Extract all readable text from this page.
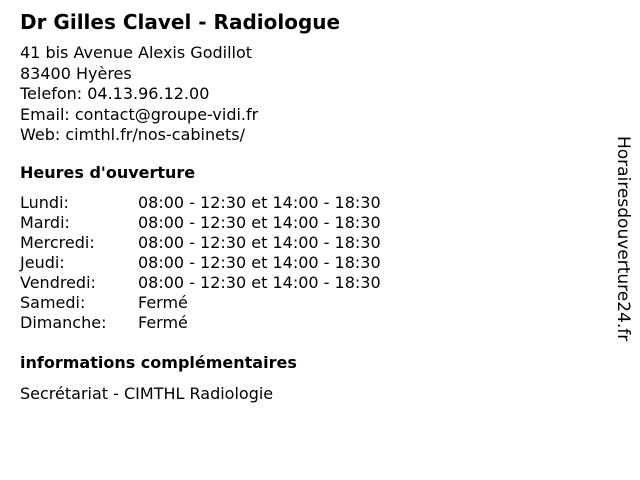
Dr Gilles Clavel - Radiologue
41 bis Avenue Alexis Godillot
83400 Hyères
Telefon: 04.13.96.12.00
Email: contact@groupe-vidi.fr
Web: cimthl.fr/nos-cabinets/
Heures d'ouverture
Lundi:	08:00 - 12:30 et 14:00 - 18:30
Mardi:	08:00 - 12:30 et 14:00 - 18:30
Mercredi:	08:00 - 12:30 et 14:00 - 18:30
Jeudi:	08:00 - 12:30 et 14:00 - 18:30
Vendredi:	08:00 - 12:30 et 14:00 - 18:30
Samedi:	Fermé
Dimanche: Fermé
informations complémentaires
Secrétariat - CIMTHL Radiologie
Horairesdouverture24.fr
